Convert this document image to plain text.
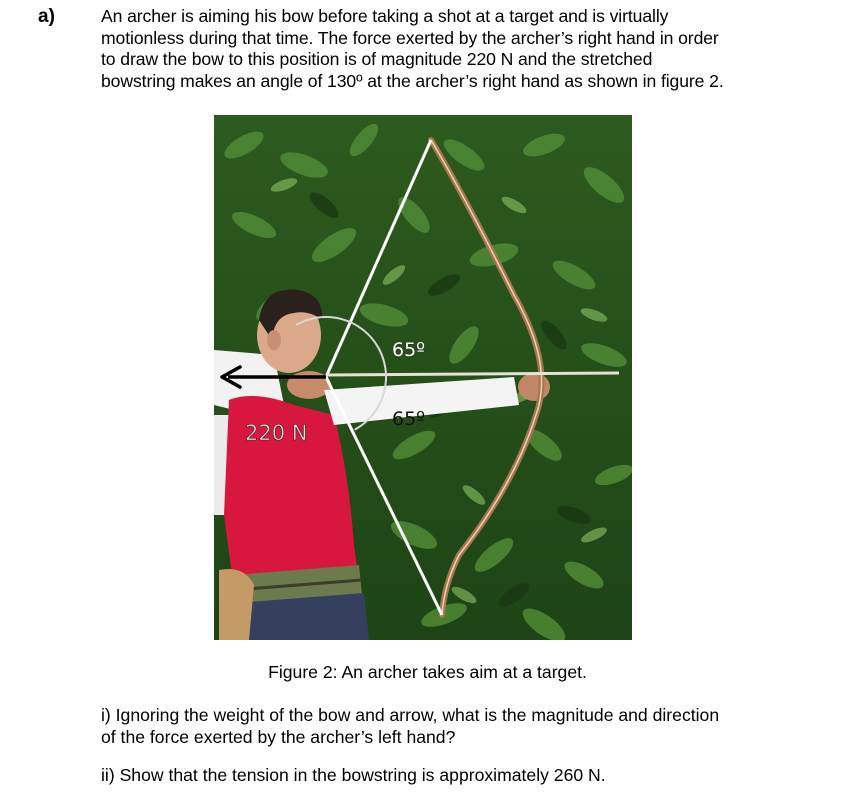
a)	An archer is aiming his bow before taking a shot at a target and is virtually
motionless during that time. The force exerted by the archer’s right hand in order
to draw the bow to this position is of magnitude 220 N and the stretched
bowstring makes an angle of 130º at the archer’s right hand as shown in figure 2.
65º
65º
220 N
Figure 2: An archer takes aim at a target.
i) Ignoring the weight of the bow and arrow, what is the magnitude and direction
of the force exerted by the archer’s left hand?
ii) Show that the tension in the bowstring is approximately 260 N.
